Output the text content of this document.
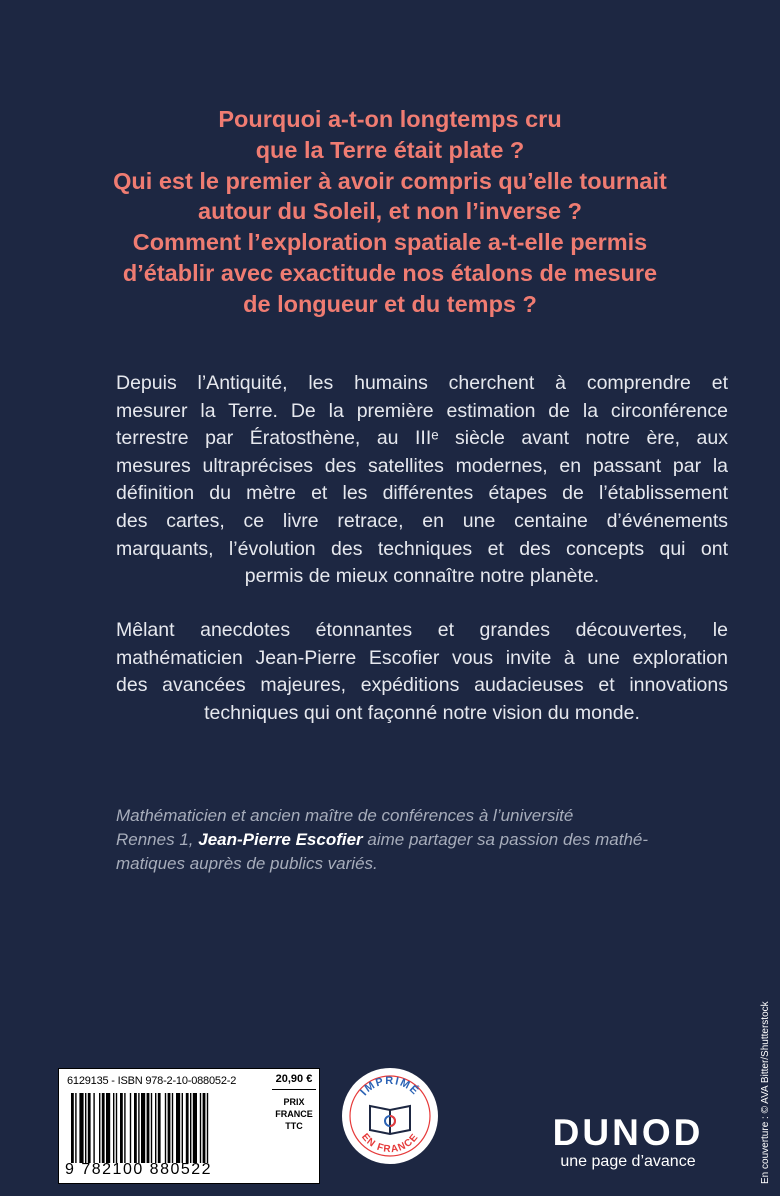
Pourquoi a-t-on longtemps cru
que la Terre était plate ?
Qui est le premier à avoir compris qu’elle tournait
autour du Soleil, et non l’inverse ?
Comment l’exploration spatiale a-t-elle permis
d’établir avec exactitude nos étalons de mesure
de longueur et du temps ?
Depuis l’Antiquité, les humains cherchent à comprendre et
mesurer la Terre. De la première estimation de la circonférence
terrestre par Ératosthène, au IIIᵉ siècle avant notre ère, aux
mesures ultraprécises des satellites modernes, en passant par la
définition du mètre et les différentes étapes de l’établissement
des cartes, ce livre retrace, en une centaine d’événements
marquants, l’évolution des techniques et des concepts qui ont
permis de mieux connaître notre planète.
Mêlant anecdotes étonnantes et grandes découvertes, le
mathématicien Jean-Pierre Escofier vous invite à une exploration
des avancées majeures, expéditions audacieuses et innovations
techniques qui ont façonné notre vision du monde.
Mathématicien et ancien maître de conférences à l’université
Rennes 1, Jean-Pierre Escofier aime partager sa passion des mathé-
matiques auprès de publics variés.
En couverture : © AVA Bitter/Shutterstock
6129135 - ISBN 978-2-10-088052-2
9 782100 880522
20,90 €
PRIX
FRANCE
TTC
IMPRIMÉ
EN FRANCE	DUNOD
une page d’avance
